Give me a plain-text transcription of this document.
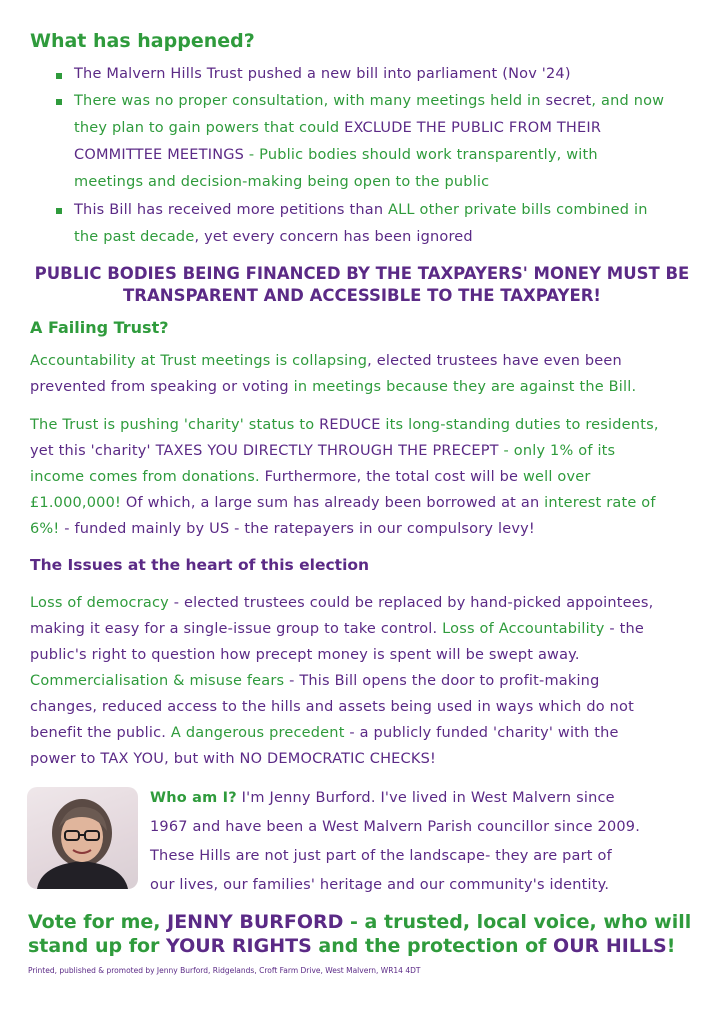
What has happened?
The Malvern Hills Trust pushed a new bill into parliament (Nov '24)
There was no proper consultation, with many meetings held in secret, and now
they plan to gain powers that could EXCLUDE THE PUBLIC FROM THEIR
COMMITTEE MEETINGS - Public bodies should work transparently, with
meetings and decision-making being open to the public
This Bill has received more petitions than ALL other private bills combined in
the past decade, yet every concern has been ignored
PUBLIC BODIES BEING FINANCED BY THE TAXPAYERS' MONEY MUST BE
TRANSPARENT AND ACCESSIBLE TO THE TAXPAYER!
A Failing Trust?
Accountability at Trust meetings is collapsing, elected trustees have even been
prevented from speaking or voting in meetings because they are against the Bill.
The Trust is pushing 'charity' status to REDUCE its long-standing duties to residents,
yet this 'charity' TAXES YOU DIRECTLY THROUGH THE PRECEPT - only 1% of its
income comes from donations. Furthermore, the total cost will be well over
£1.000,000! Of which, a large sum has already been borrowed at an interest rate of
6%! - funded mainly by US - the ratepayers in our compulsory levy!
The Issues at the heart of this election
Loss of democracy - elected trustees could be replaced by hand-picked appointees,
making it easy for a single-issue group to take control. Loss of Accountability - the
public's right to question how precept money is spent will be swept away.
Commercialisation & misuse fears - This Bill opens the door to profit-making
changes, reduced access to the hills and assets being used in ways which do not
benefit the public. A dangerous precedent - a publicly funded 'charity' with the
power to TAX YOU, but with NO DEMOCRATIC CHECKS!
Who am I? I'm Jenny Burford. I've lived in West Malvern since
1967 and have been a West Malvern Parish councillor since 2009.
These Hills are not just part of the landscape- they are part of
our lives, our families' heritage and our community's identity.
Vote for me, JENNY BURFORD - a trusted, local voice, who will
stand up for YOUR RIGHTS and the protection of OUR HILLS!
Printed, published & promoted by Jenny Burford, Ridgelands, Croft Farm Drive, West Malvern, WR14 4DT
